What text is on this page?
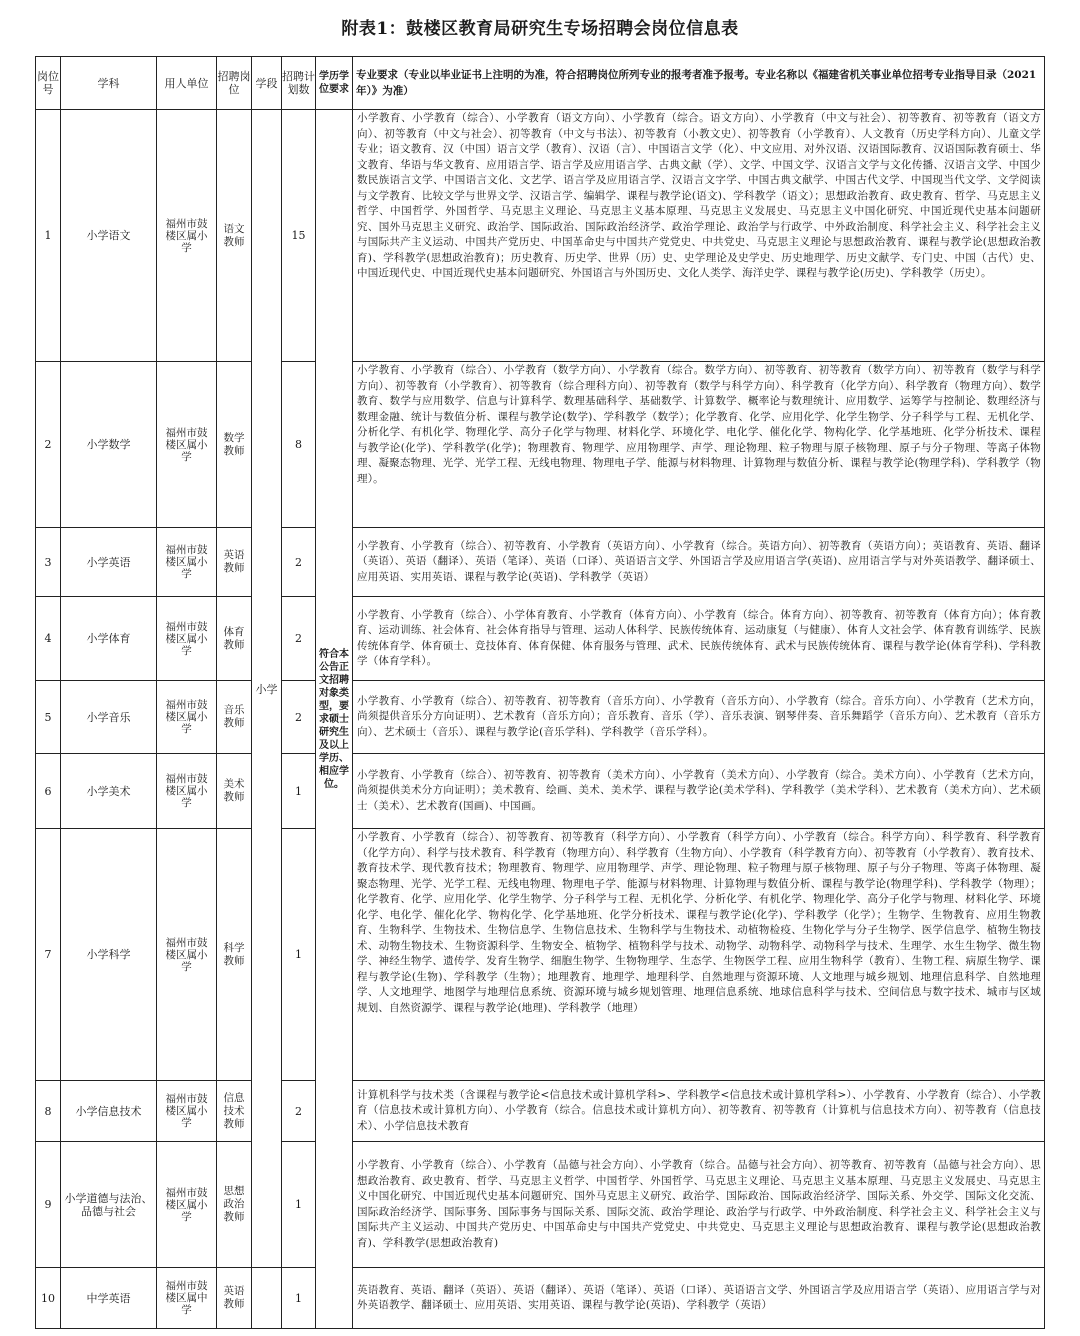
附表1：鼓楼区教育局研究生专场招聘会岗位信息表
岗位号	学科	用人单位	招聘岗位	学段	招聘计划数	学历学位要求	专业要求（专业以毕业证书上注明的为准，符合招聘岗位所列专业的报考者准予报考。专业名称以《福建省机关事业单位招考专业指导目录（2021年）》为准）
1	小学语文	福州市鼓楼区属小学	语文教师	小学	15	符合本公告正文招聘对象类型，要求硕士研究生及以上学历、相应学位。	小学教育、小学教育（综合）、小学教育（语文方向）、小学教育（综合。语文方向）、小学教育（中文与社会）、初等教育、初等教育（语文方向）、初等教育（中文与社会）、初等教育（中文与书法）、初等教育（小教文史）、初等教育（小学教育）、人文教育（历史学科方向）、儿童文学专业；语文教育、汉（中国）语言文学（教育）、汉语（言）、中国语言文学（化）、中文应用、对外汉语、汉语国际教育、汉语国际教育硕士、华文教育、华语与华文教育、应用语言学、语言学及应用语言学、古典文献（学）、文学、中国文学、汉语言文学与文化传播、汉语言文学、中国少数民族语言文学、中国语言文化、文艺学、语言学及应用语言学、汉语言文字学、中国古典文献学、中国古代文学、中国现当代文学、文学阅读与文学教育、比较文学与世界文学、汉语言学、编辑学、课程与教学论(语文)、学科教学（语文）；思想政治教育、政史教育、哲学、马克思主义哲学、中国哲学、外国哲学、马克思主义理论、马克思主义基本原理、马克思主义发展史、马克思主义中国化研究、中国近现代史基本问题研究、国外马克思主义研究、政治学、国际政治、国际政治经济学、政治学理论、政治学与行政学、中外政治制度、科学社会主义、科学社会主义与国际共产主义运动、中国共产党历史、中国革命史与中国共产党党史、中共党史、马克思主义理论与思想政治教育、课程与教学论(思想政治教育)、学科教学(思想政治教育)；历史教育、历史学、世界（历）史、史学理论及史学史、历史地理学、历史文献学、专门史、中国（古代）史、中国近现代史、中国近现代史基本问题研究、外国语言与外国历史、文化人类学、海洋史学、课程与教学论(历史)、学科教学（历史）。
2	小学数学	福州市鼓楼区属小学	数学教师		8		小学教育、小学教育（综合）、小学教育（数学方向）、小学教育（综合。数学方向）、初等教育、初等教育（数学方向）、初等教育（数学与科学方向）、初等教育（小学教育）、初等教育（综合理科方向）、初等教育（数学与科学方向）、科学教育（化学方向）、科学教育（物理方向）、数学教育、数学与应用数学、信息与计算科学、数理基础科学、基础数学、计算数学、概率论与数理统计、应用数学、运筹学与控制论、数理经济与数理金融、统计与数值分析、课程与教学论(数学)、学科教学（数学）；化学教育、化学、应用化学、化学生物学、分子科学与工程、无机化学、分析化学、有机化学、物理化学、高分子化学与物理、材料化学、环境化学、电化学、催化化学、物构化学、化学基地班、化学分析技术、课程与教学论(化学)、学科教学(化学)；物理教育、物理学、应用物理学、声学、理论物理、粒子物理与原子核物理、原子与分子物理、等离子体物理、凝聚态物理、光学、光学工程、无线电物理、物理电子学、能源与材料物理、计算物理与数值分析、课程与教学论(物理学科)、学科教学（物理）。
3	小学英语	福州市鼓楼区属小学	英语教师		2		小学教育、小学教育（综合）、初等教育、小学教育（英语方向）、小学教育（综合。英语方向）、初等教育（英语方向）；英语教育、英语、翻译（英语）、英语（翻译）、英语（笔译）、英语（口译）、英语语言文学、外国语言学及应用语言学(英语)、应用语言学与对外英语教学、翻译硕士、应用英语、实用英语、课程与教学论(英语)、学科教学（英语）
4	小学体育	福州市鼓楼区属小学	体育教师		2		小学教育、小学教育（综合）、小学体育教育、小学教育（体育方向）、小学教育（综合。体育方向）、初等教育、初等教育（体育方向）；体育教育、运动训练、社会体育、社会体育指导与管理、运动人体科学、民族传统体育、运动康复（与健康）、体育人文社会学、体育教育训练学、民族传统体育学、体育硕士、竞技体育、体育保健、体育服务与管理、武术、民族传统体育、武术与民族传统体育、课程与教学论(体育学科)、学科教学（体育学科）。
5	小学音乐	福州市鼓楼区属小学	音乐教师		2		小学教育、小学教育（综合）、初等教育、初等教育（音乐方向）、小学教育（音乐方向）、小学教育（综合。音乐方向）、小学教育（艺术方向，尚须提供音乐分方向证明）、艺术教育（音乐方向）；音乐教育、音乐（学）、音乐表演、钢琴伴奏、音乐舞蹈学（音乐方向）、艺术教育（音乐方向）、艺术硕士（音乐）、课程与教学论(音乐学科)、学科教学（音乐学科）。
6	小学美术	福州市鼓楼区属小学	美术教师		1		小学教育、小学教育（综合）、初等教育、初等教育（美术方向）、小学教育（美术方向）、小学教育（综合。美术方向）、小学教育（艺术方向，尚须提供美术分方向证明）；美术教育、绘画、美术、美术学、课程与教学论(美术学科)、学科教学（美术学科）、艺术教育（美术方向）、艺术硕士（美术）、艺术教育(国画)、中国画。
7	小学科学	福州市鼓楼区属小学	科学教师		1		小学教育、小学教育（综合）、初等教育、初等教育（科学方向）、小学教育（科学方向）、小学教育（综合。科学方向）、科学教育、科学教育（化学方向）、科学与技术教育、科学教育（物理方向）、科学教育（生物方向）、小学教育（科学教育方向）、初等教育（小学教育）、教育技术、教育技术学、现代教育技术；物理教育、物理学、应用物理学、声学、理论物理、粒子物理与原子核物理、原子与分子物理、等离子体物理、凝聚态物理、光学、光学工程、无线电物理、物理电子学、能源与材料物理、计算物理与数值分析、课程与教学论(物理学科)、学科教学（物理）；化学教育、化学、应用化学、化学生物学、分子科学与工程、无机化学、分析化学、有机化学、物理化学、高分子化学与物理、材料化学、环境化学、电化学、催化化学、物构化学、化学基地班、化学分析技术、课程与教学论(化学)、学科教学（化学）；生物学、生物教育、应用生物教育、生物科学、生物技术、生物信息学、生物信息技术、生物科学与生物技术、动植物检疫、生物化学与分子生物学、医学信息学、植物生物技术、动物生物技术、生物资源科学、生物安全、植物学、植物科学与技术、动物学、动物科学、动物科学与技术、生理学、水生生物学、微生物学、神经生物学、遗传学、发育生物学、细胞生物学、生物物理学、生态学、生物医学工程、应用生物科学（教育）、生物工程、病原生物学、课程与教学论(生物)、学科教学（生物）；地理教育、地理学、地理科学、自然地理与资源环境、人文地理与城乡规划、地理信息科学、自然地理学、人文地理学、地图学与地理信息系统、资源环境与城乡规划管理、地理信息系统、地球信息科学与技术、空间信息与数字技术、城市与区域规划、自然资源学、课程与教学论(地理)、学科教学（地理）
8	小学信息技术	福州市鼓楼区属小学	信息技术教师		2		计算机科学与技术类（含课程与教学论<信息技术或计算机学科>、学科教学<信息技术或计算机学科>）、小学教育、小学教育（综合）、小学教育（信息技术或计算机方向）、小学教育（综合。信息技术或计算机方向）、初等教育、初等教育（计算机与信息技术方向）、初等教育（信息技术）、小学信息技术教育
9	小学道德与法治、品德与社会	福州市鼓楼区属小学	思想政治教师		1		小学教育、小学教育（综合）、小学教育（品德与社会方向）、小学教育（综合。品德与社会方向）、初等教育、初等教育（品德与社会方向）、思想政治教育、政史教育、哲学、马克思主义哲学、中国哲学、外国哲学、马克思主义理论、马克思主义基本原理、马克思主义发展史、马克思主义中国化研究、中国近现代史基本问题研究、国外马克思主义研究、政治学、国际政治、国际政治经济学、国际关系、外交学、国际文化交流、国际政治经济学、国际事务、国际事务与国际关系、国际交流、政治学理论、政治学与行政学、中外政治制度、科学社会主义、科学社会主义与国际共产主义运动、中国共产党历史、中国革命史与中国共产党党史、中共党史、马克思主义理论与思想政治教育、课程与教学论(思想政治教育)、学科教学(思想政治教育)
10	中学英语	福州市鼓楼区属中学	英语教师		1		英语教育、英语、翻译（英语）、英语（翻译）、英语（笔译）、英语（口译）、英语语言文学、外国语言学及应用语言学（英语）、应用语言学与对外英语教学、翻译硕士、应用英语、实用英语、课程与教学论(英语)、学科教学（英语）
